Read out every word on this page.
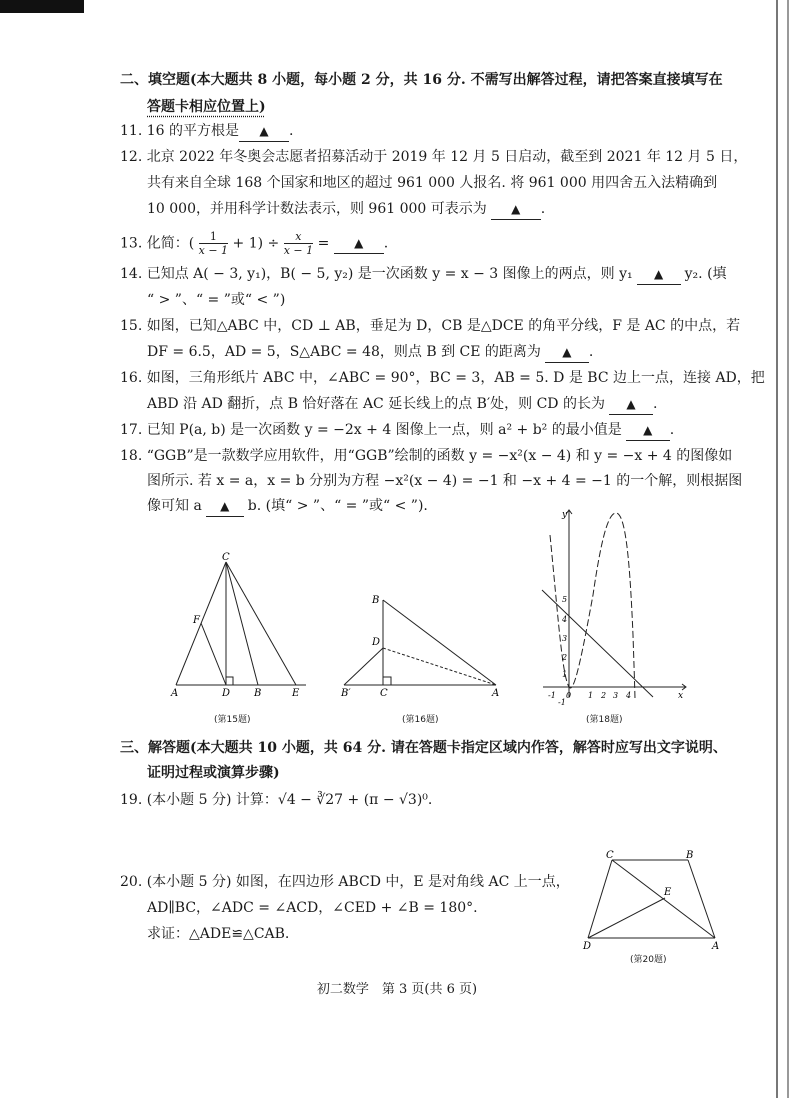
二、填空题(本大题共 8 小题，每小题 2 分，共 16 分. 不需写出解答过程，请把答案直接填写在
答题卡相应位置上)
11. 16 的平方根是 ▲ .
12. 北京 2022 年冬奥会志愿者招募活动于 2019 年 12 月 5 日启动，截至到 2021 年 12 月 5 日，
共有来自全球 168 个国家和地区的超过 961 000 人报名. 将 961 000 用四舍五入法精确到
10 000，并用科学计数法表示，则 961 000 可表示为 ▲ .
13. 化简：( $\frac{1}{x - 1} + 1) \div \frac{x}{x - 1}$ = ▲ .
14. 已知点 A( − 3, y₁)，B( − 5, y₂) 是一次函数 y = x − 3 图像上的两点，则 y₁ ▲ y₂. (填
“ > ”、“ = ”或“ < ”)
15. 如图，已知△ABC 中，CD ⊥ AB，垂足为 D，CB 是△DCE 的角平分线，F 是 AC 的中点，若
DF = 6.5，AD = 5，S△ABC = 48，则点 B 到 CE 的距离为 ▲ .
16. 如图，三角形纸片 ABC 中，∠ABC = 90°，BC = 3，AB = 5. D 是 BC 边上一点，连接 AD，把
ABD 沿 AD 翻折，点 B 恰好落在 AC 延长线上的点 B′处，则 CD 的长为 ▲ .
17. 已知 P(a, b) 是一次函数 y = −2x + 4 图像上一点，则 a² + b² 的最小值是 ▲ .
18. “GGB”是一款数学应用软件，用“GGB”绘制的函数 y = −x²(x − 4) 和 y = −x + 4 的图像如
图所示. 若 x = a，x = b 分别为方程 −x²(x − 4) = −1 和 −x + 4 = −1 的一个解，则根据图
像可知 a ▲ b. (填“ > ”、“ = ”或“ < ”).
C
F
A	D B	E
(第15题)
B
D
B′	C	A
(第16题)
y
x
-1 0 1 2 3 4
5
4
3
2
1
-1
(第18题)
三、解答题(本大题共 10 小题，共 64 分. 请在答题卡指定区域内作答，解答时应写出文字说明、
证明过程或演算步骤)
19. (本小题 5 分) 计算：√4 − ∛27 + (π − √3)⁰.
20. (本小题 5 分) 如图，在四边形 ABCD 中，E 是对角线 AC 上一点，
AD∥BC，∠ADC = ∠ACD，∠CED + ∠B = 180°.
求证：△ADE≌△CAB.
C	B
E
D	A
(第20题)
初二数学　第 3 页(共 6 页)
